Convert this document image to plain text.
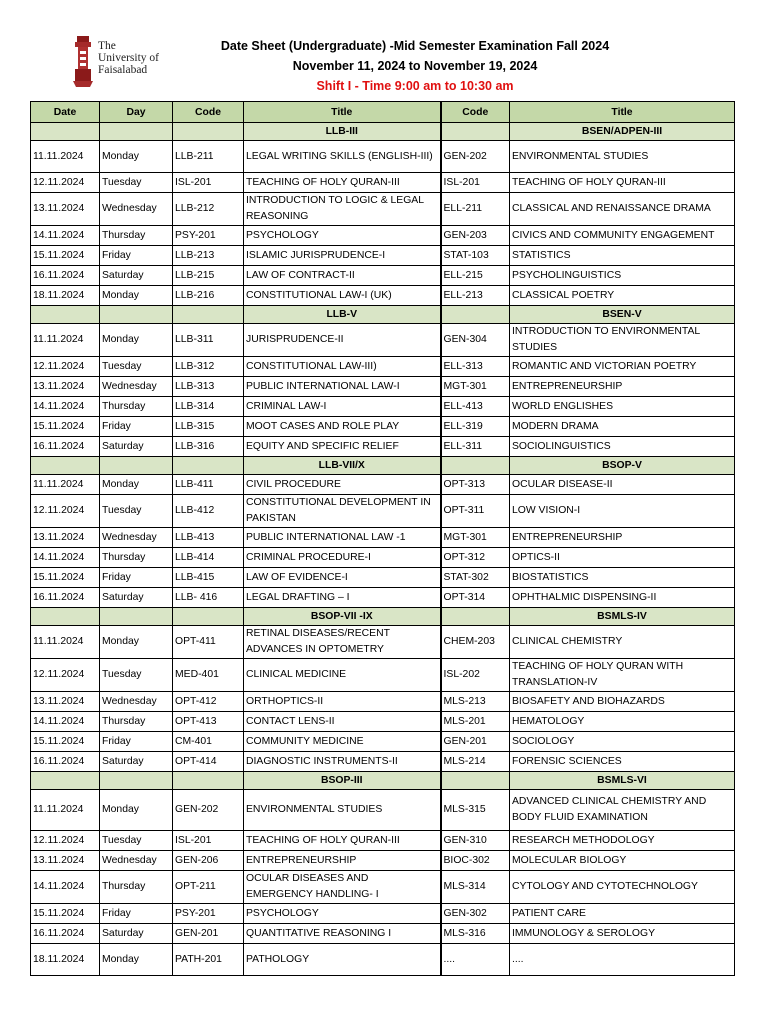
The
University of
Faisalabad
Date Sheet (Undergraduate) -Mid Semester Examination Fall 2024
November 11, 2024 to November 19, 2024
Shift I - Time 9:00 am to 10:30 am
Date	Day	Code	Title	Code	Title
			LLB-III		BSEN/ADPEN-III
11.11.2024	Monday	LLB-211	LEGAL WRITING SKILLS (ENGLISH-III)	GEN-202	ENVIRONMENTAL STUDIES
12.11.2024	Tuesday	ISL-201	TEACHING OF HOLY QURAN-III	ISL-201	TEACHING OF HOLY QURAN-III
13.11.2024	Wednesday	LLB-212	INTRODUCTION TO LOGIC & LEGAL REASONING	ELL-211	CLASSICAL AND RENAISSANCE DRAMA
14.11.2024	Thursday	PSY-201	PSYCHOLOGY	GEN-203	CIVICS AND COMMUNITY ENGAGEMENT
15.11.2024	Friday	LLB-213	ISLAMIC JURISPRUDENCE-I	STAT-103	STATISTICS
16.11.2024	Saturday	LLB-215	LAW OF CONTRACT-II	ELL-215	PSYCHOLINGUISTICS
18.11.2024	Monday	LLB-216	CONSTITUTIONAL LAW-I (UK)	ELL-213	CLASSICAL POETRY
			LLB-V		BSEN-V
11.11.2024	Monday	LLB-311	JURISPRUDENCE-II	GEN-304	INTRODUCTION TO ENVIRONMENTAL STUDIES
12.11.2024	Tuesday	LLB-312	CONSTITUTIONAL LAW-III)	ELL-313	ROMANTIC AND VICTORIAN POETRY
13.11.2024	Wednesday	LLB-313	PUBLIC INTERNATIONAL LAW-I	MGT-301	ENTREPRENEURSHIP
14.11.2024	Thursday	LLB-314	CRIMINAL LAW-I	ELL-413	WORLD ENGLISHES
15.11.2024	Friday	LLB-315	MOOT CASES AND ROLE PLAY	ELL-319	MODERN DRAMA
16.11.2024	Saturday	LLB-316	EQUITY AND SPECIFIC RELIEF	ELL-311	SOCIOLINGUISTICS
			LLB-VII/X		BSOP-V
11.11.2024	Monday	LLB-411	CIVIL PROCEDURE	OPT-313	OCULAR DISEASE-II
12.11.2024	Tuesday	LLB-412	CONSTITUTIONAL DEVELOPMENT IN PAKISTAN	OPT-311	LOW VISION-I
13.11.2024	Wednesday	LLB-413	PUBLIC INTERNATIONAL LAW -1	MGT-301	ENTREPRENEURSHIP
14.11.2024	Thursday	LLB-414	CRIMINAL PROCEDURE-I	OPT-312	OPTICS-II
15.11.2024	Friday	LLB-415	LAW OF EVIDENCE-I	STAT-302	BIOSTATISTICS
16.11.2024	Saturday	LLB- 416	LEGAL DRAFTING – I	OPT-314	OPHTHALMIC DISPENSING-II
			BSOP-VII -IX		BSMLS-IV
11.11.2024	Monday	OPT-411	RETINAL DISEASES/RECENT ADVANCES IN OPTOMETRY	CHEM-203	CLINICAL CHEMISTRY
12.11.2024	Tuesday	MED-401	CLINICAL MEDICINE	ISL-202	TEACHING OF HOLY QURAN WITH TRANSLATION-IV
13.11.2024	Wednesday	OPT-412	ORTHOPTICS-II	MLS-213	BIOSAFETY AND BIOHAZARDS
14.11.2024	Thursday	OPT-413	CONTACT LENS-II	MLS-201	HEMATOLOGY
15.11.2024	Friday	CM-401	COMMUNITY MEDICINE	GEN-201	SOCIOLOGY
16.11.2024	Saturday	OPT-414	DIAGNOSTIC INSTRUMENTS-II	MLS-214	FORENSIC SCIENCES
			BSOP-III		BSMLS-VI
11.11.2024	Monday	GEN-202	ENVIRONMENTAL STUDIES	MLS-315	ADVANCED CLINICAL CHEMISTRY AND BODY FLUID EXAMINATION
12.11.2024	Tuesday	ISL-201	TEACHING OF HOLY QURAN-III	GEN-310	RESEARCH METHODOLOGY
13.11.2024	Wednesday	GEN-206	ENTREPRENEURSHIP	BIOC-302	MOLECULAR BIOLOGY
14.11.2024	Thursday	OPT-211	OCULAR DISEASES AND EMERGENCY HANDLING- I	MLS-314	CYTOLOGY AND CYTOTECHNOLOGY
15.11.2024	Friday	PSY-201	PSYCHOLOGY	GEN-302	PATIENT CARE
16.11.2024	Saturday	GEN-201	QUANTITATIVE REASONING I	MLS-316	IMMUNOLOGY & SEROLOGY
18.11.2024	Monday	PATH-201	PATHOLOGY	....	....
